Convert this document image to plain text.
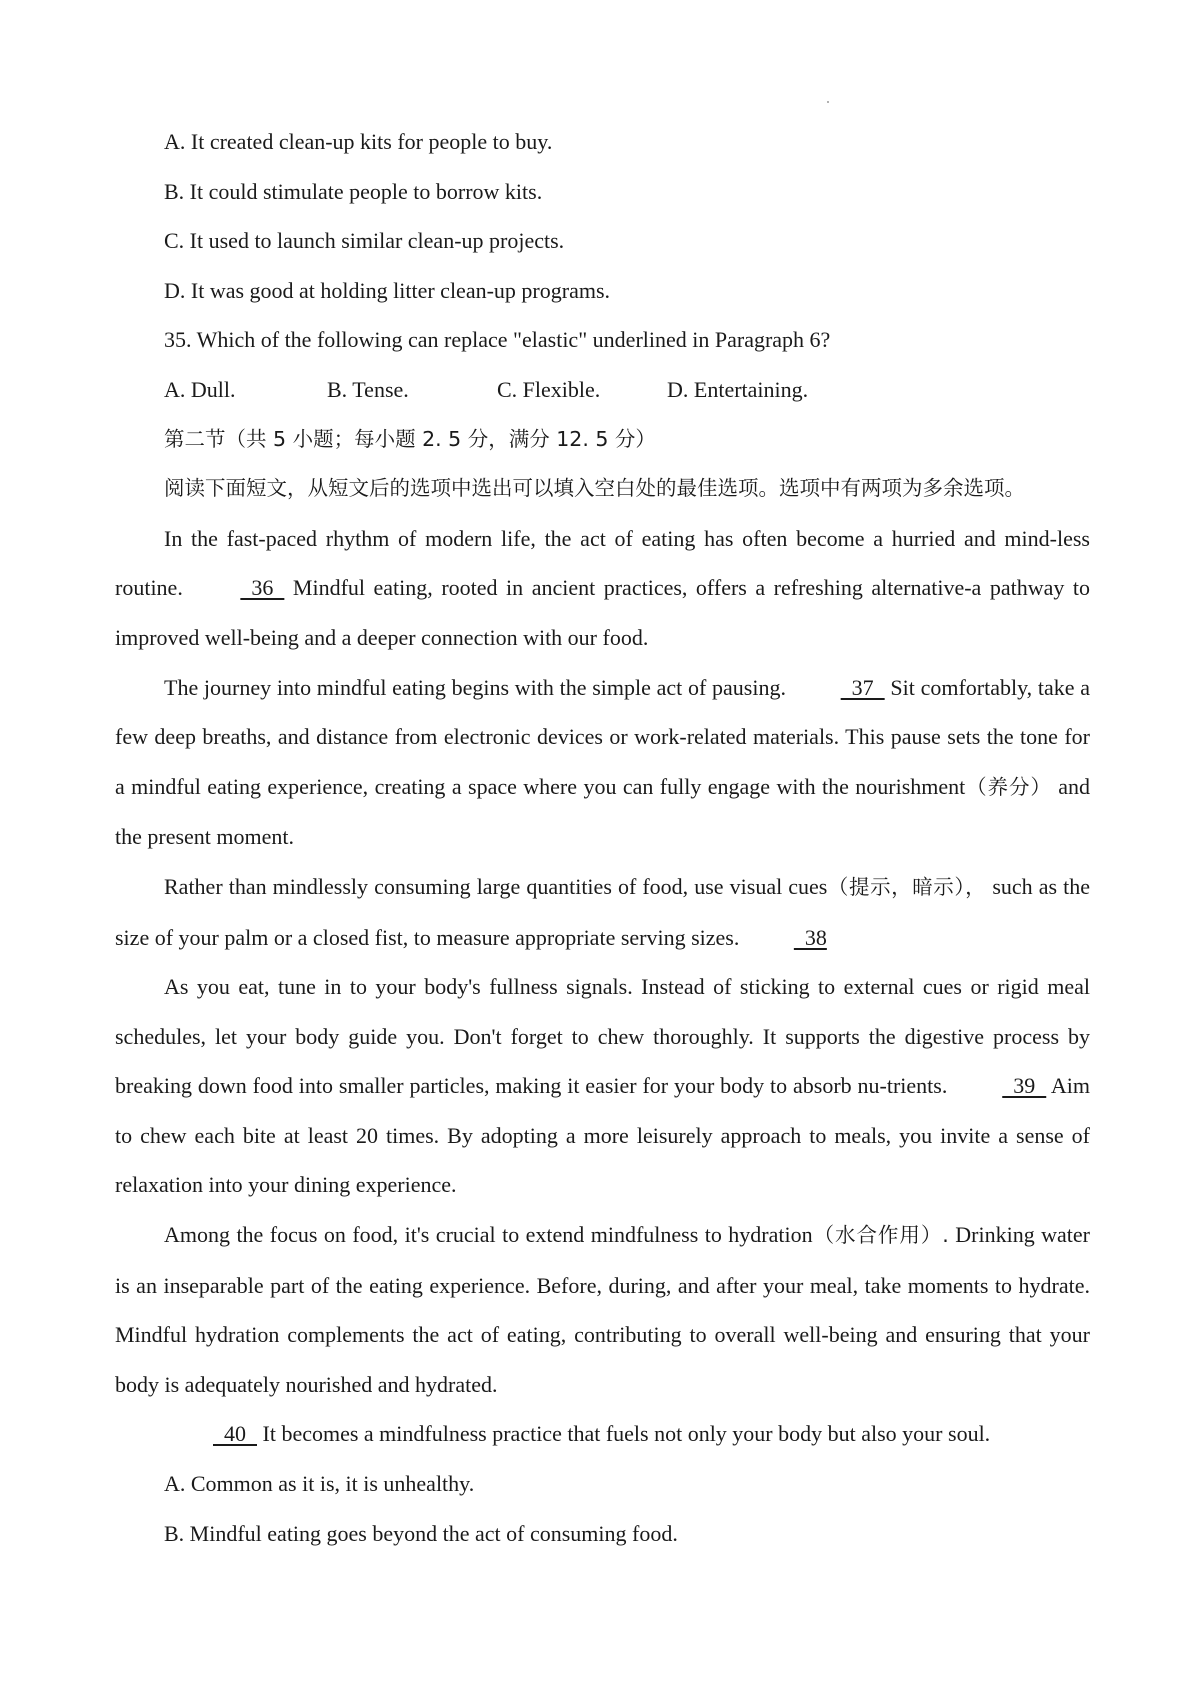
A. It created clean-up kits for people to buy.

B. It could stimulate people to borrow kits.

C. It used to launch similar clean-up projects.

D. It was good at holding litter clean-up programs.

35. Which of the following can replace "elastic" underlined in Paragraph 6?

A. Dull.	B. Tense.	C. Flexible.	D. Entertaining.

第二节（共 5 小题；每小题 2. 5 分，满分 12. 5 分）

阅读下面短文，从短文后的选项中选出可以填入空白处的最佳选项。选项中有两项为多余选项。

In the fast-paced rhythm of modern life, the act of eating has often become a hurried and mind-less routine.	36   Mindful eating, rooted in ancient practices, offers a refreshing alternative-a pathway to improved well-being and a deeper connection with our food.

The journey into mindful eating begins with the simple act of pausing.   37   Sit comfortably, take a few deep breaths, and distance from electronic devices or work-related materials. This pause sets the tone for a mindful eating experience, creating a space where you can fully engage with the nourishment（养分） and the present moment.

Rather than mindlessly consuming large quantities of food, use visual cues（提示，暗示）， such as the size of your palm or a closed fist, to measure appropriate serving sizes.   38

As you eat, tune in to your body's fullness signals. Instead of sticking to external cues or rigid meal schedules, let your body guide you. Don't forget to chew thoroughly. It supports the digestive process by breaking down food into smaller particles, making it easier for your body to absorb nu-trients.   39   Aim to chew each bite at least 20 times. By adopting a more leisurely approach to meals, you invite a sense of relaxation into your dining experience.

Among the focus on food, it's crucial to extend mindfulness to hydration（水合作用）. Drinking water is an inseparable part of the eating experience. Before, during, and after your meal, take moments to hydrate. Mindful hydration complements the act of eating, contributing to overall well-being and ensuring that your body is adequately nourished and hydrated.

40   It becomes a mindfulness practice that fuels not only your body but also your soul.

A. Common as it is, it is unhealthy.

B. Mindful eating goes beyond the act of consuming food.
